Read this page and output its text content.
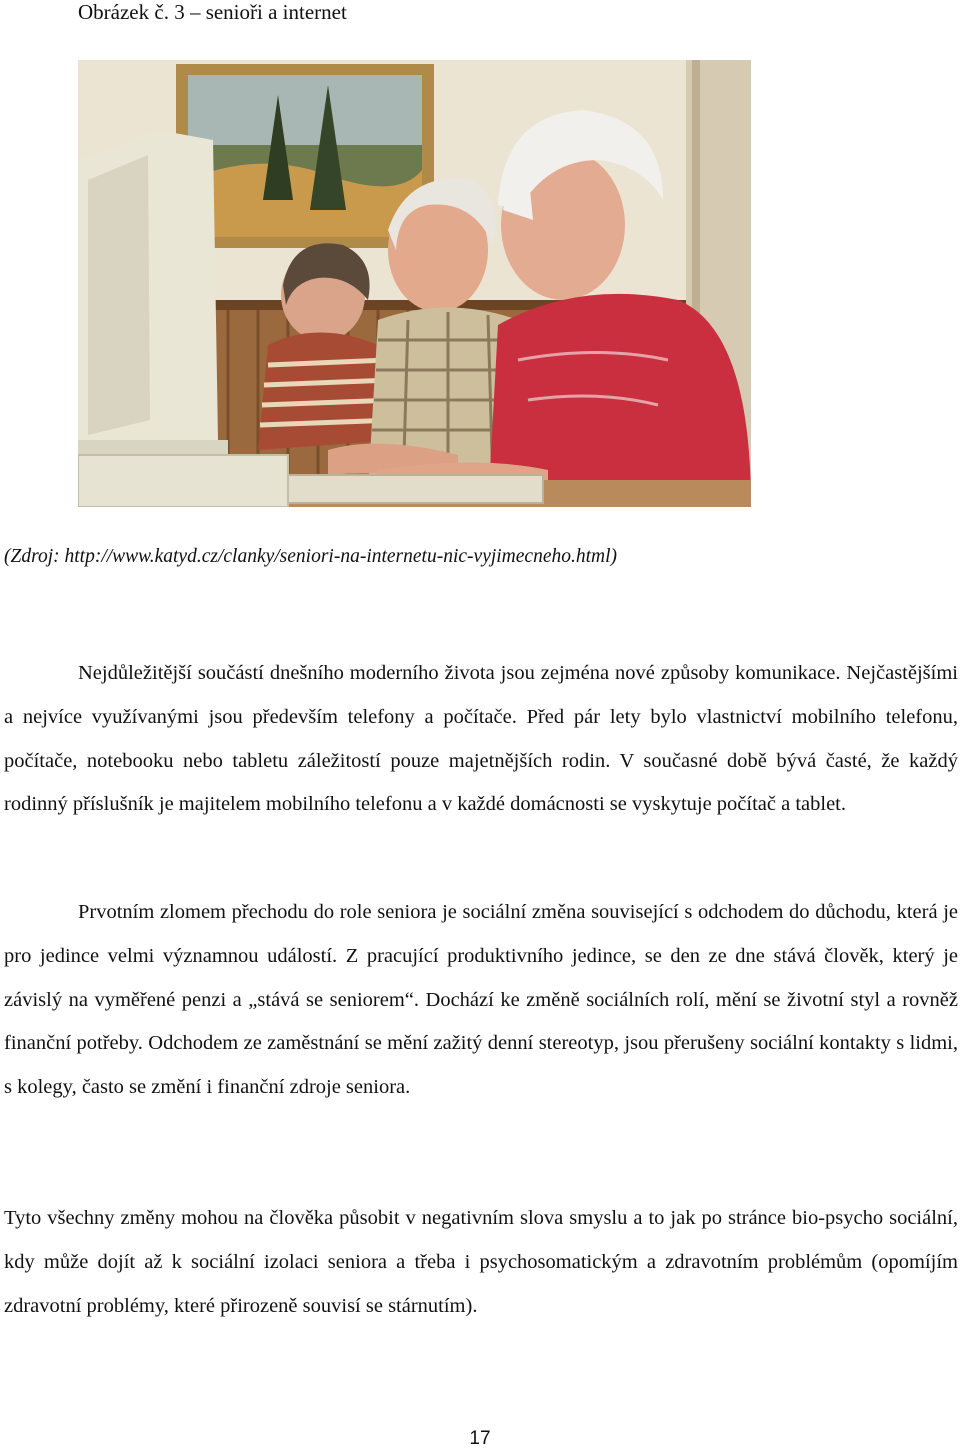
Obrázek č. 3 – senioři a internet
(Zdroj: http://www.katyd.cz/clanky/seniori-na-internetu-nic-vyjimecneho.html)

Nejdůležitější součástí dnešního moderního života jsou zejména nové způsoby komunikace. Nejčastějšími a nejvíce využívanými jsou především telefony a počítače. Před pár lety bylo vlastnictví mobilního telefonu, počítače, notebooku nebo tabletu záležitostí pouze majetnějších rodin. V současné době bývá časté, že každý rodinný příslušník je majitelem mobilního telefonu a v každé domácnosti se vyskytuje počítač a tablet.

Prvotním zlomem přechodu do role seniora je sociální změna související s odchodem do důchodu, která je pro jedince velmi významnou událostí. Z pracující produktivního jedince, se den ze dne stává člověk, který je závislý na vyměřené penzi a „stává se seniorem“. Dochází ke změně sociálních rolí, mění se životní styl a rovněž finanční potřeby. Odchodem ze zaměstnání se mění zažitý denní stereotyp, jsou přerušeny sociální kontakty s lidmi, s kolegy, často se změní i finanční zdroje seniora.

Tyto všechny změny mohou na člověka působit v negativním slova smyslu a to jak po stránce bio-psycho sociální, kdy může dojít až k sociální izolaci seniora a třeba i psychosomatickým a zdravotním problémům (opomíjím zdravotní problémy, které přirozeně souvisí se stárnutím).

17
